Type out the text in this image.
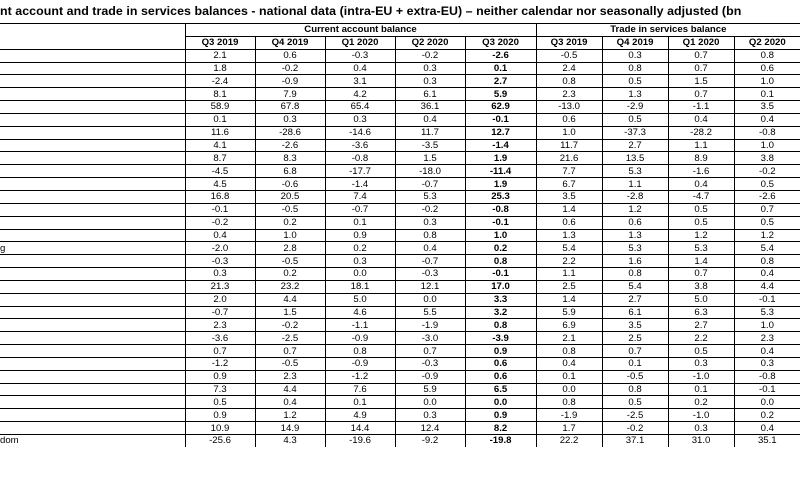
nt account and trade in services balances - national data (intra-EU + extra-EU) – neither calendar nor seasonally adjusted (bn
	Current account balance					Trade in services balance			
	Q3 2019	Q4 2019	Q1 2020	Q2 2020	Q3 2020	Q3 2019	Q4 2019	Q1 2020	Q2 2020
	2.1	0.6	-0.3	-0.2	-2.6	-0.5	0.3	0.7	0.8
	1.8	-0.2	0.4	0.3	0.1	2.4	0.8	0.7	0.6
	-2.4	-0.9	3.1	0.3	2.7	0.8	0.5	1.5	1.0
	8.1	7.9	4.2	6.1	5.9	2.3	1.3	0.7	0.1
	58.9	67.8	65.4	36.1	62.9	-13.0	-2.9	-1.1	3.5
	0.1	0.3	0.3	0.4	-0.1	0.6	0.5	0.4	0.4
	11.6	-28.6	-14.6	11.7	12.7	1.0	-37.3	-28.2	-0.8
	4.1	-2.6	-3.6	-3.5	-1.4	11.7	2.7	1.1	1.0
	8.7	8.3	-0.8	1.5	1.9	21.6	13.5	8.9	3.8
	-4.5	6.8	-17.7	-18.0	-11.4	7.7	5.3	-1.6	-0.2
	4.5	-0.6	-1.4	-0.7	1.9	6.7	1.1	0.4	0.5
	16.8	20.5	7.4	5.3	25.3	3.5	-2.8	-4.7	-2.6
	-0.1	-0.5	-0.7	-0.2	-0.8	1.4	1.2	0.5	0.7
	-0.2	0.2	0.1	0.3	-0.1	0.6	0.6	0.5	0.5
	0.4	1.0	0.9	0.8	1.0	1.3	1.3	1.2	1.2
g	-2.0	2.8	0.2	0.4	0.2	5.4	5.3	5.3	5.4
	-0.3	-0.5	0.3	-0.7	0.8	2.2	1.6	1.4	0.8
	0.3	0.2	0.0	-0.3	-0.1	1.1	0.8	0.7	0.4
	21.3	23.2	18.1	12.1	17.0	2.5	5.4	3.8	4.4
	2.0	4.4	5.0	0.0	3.3	1.4	2.7	5.0	-0.1
	-0.7	1.5	4.6	5.5	3.2	5.9	6.1	6.3	5.3
	2.3	-0.2	-1.1	-1.9	0.8	6.9	3.5	2.7	1.0
	-3.6	-2.5	-0.9	-3.0	-3.9	2.1	2.5	2.2	2.3
	0.7	0.7	0.8	0.7	0.9	0.8	0.7	0.5	0.4
	-1.2	-0.5	-0.9	-0.3	0.6	0.4	0.1	0.3	0.3
	0.9	2.3	-1.2	-0.9	0.6	0.1	-0.5	-1.0	-0.8
	7.3	4.4	7.6	5.9	6.5	0.0	0.8	0.1	-0.1
	0.5	0.4	0.1	0.0	0.0	0.8	0.5	0.2	0.0
	0.9	1.2	4.9	0.3	0.9	-1.9	-2.5	-1.0	0.2
	10.9	14.9	14.4	12.4	8.2	1.7	-0.2	0.3	0.4
dom	-25.6	4.3	-19.6	-9.2	-19.8	22.2	37.1	31.0	35.1
